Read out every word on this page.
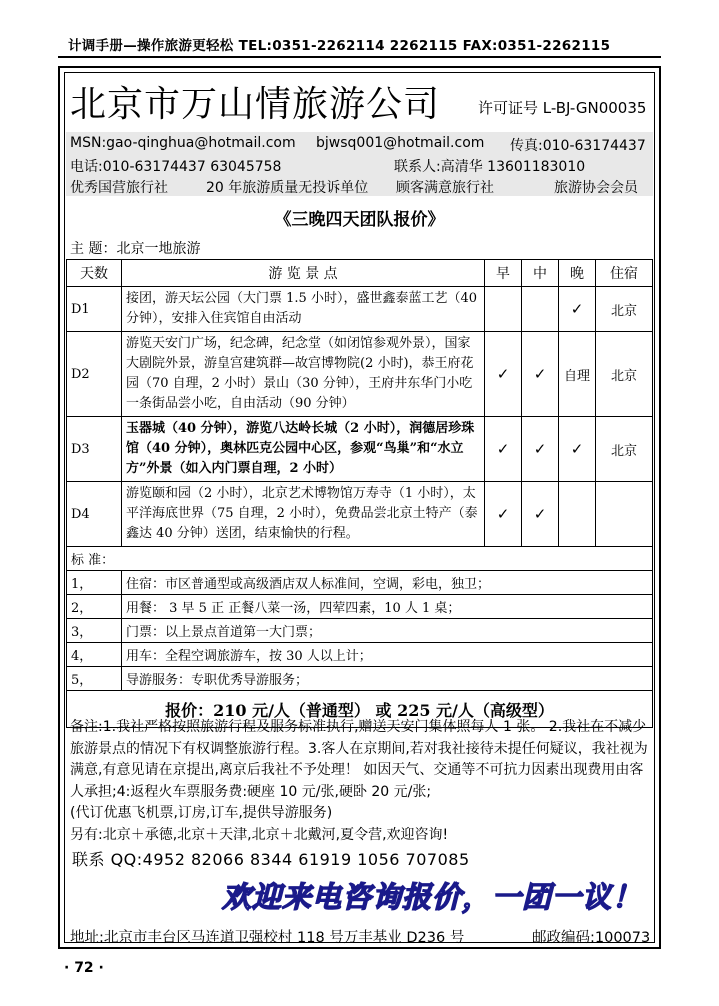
计调手册—操作旅游更轻松 TEL:0351-2262114 2262115 FAX:0351-2262115
北京市万山情旅游公司	许可证号 L-BJ-GN00035
MSN:gao-qinghua@hotmail.com bjwsq001@hotmail.com 传真:010-63174437
电话:010-63174437 63045758	联系人:高清华 13601183010
优秀国营旅行社	20 年旅游质量无投诉单位 顾客满意旅行社	旅游协会会员
《三晚四天团队报价》
主 题：北京一地旅游
天数	游 览 景 点	早	中	晚	住宿
D1	接团，游天坛公园（大门票 1.5 小时），盛世鑫泰蓝工艺（40 分钟），安排入住宾馆自由活动			✓	北京
D2	游览天安门广场，纪念碑，纪念堂（如闭馆参观外景），国家大剧院外景，游皇宫建筑群—故宫博物院(2 小时)，恭王府花园（70 自理，2 小时）景山（30 分钟），王府井东华门小吃一条街品尝小吃，自由活动（90 分钟）	✓	✓	自理	北京
D3	玉器城（40 分钟），游览八达岭长城（2 小时），润德居珍珠馆（40 分钟），奥林匹克公园中心区，参观“鸟巢”和“水立方”外景（如入内门票自理，2 小时）	✓	✓	✓	北京
D4	游览颐和园（2 小时），北京艺术博物馆万寿寺（1 小时），太平洋海底世界（75 自理，2 小时），免费品尝北京土特产（泰鑫达 40 分钟）送团，结束愉快的行程。	✓	✓		
标 准：					
1，	住宿：市区普通型或高级酒店双人标准间，空调，彩电，独卫；				
2，	用餐： 3 早 5 正 正餐八菜一汤，四荤四素，10 人 1 桌；				
3，	门票：以上景点首道第一大门票；				
4，	用车：全程空调旅游车，按 30 人以上计；				
5，	导游服务：专职优秀导游服务；				
报价：210 元/人（普通型） 或 225 元/人（高级型）					
备注:1.我社严格按照旅游行程及服务标准执行,赠送天安门集体照每人 1 张。 2.我社在不减少旅游景点的情况下有权调整旅游行程。3.客人在京期间,若对我社接待未提任何疑议，我社视为满意,有意见请在京提出,离京后我社不予处理！ 如因天气、交通等不可抗力因素出现费用由客人承担;4:返程火车票服务费:硬座 10 元/张,硬卧 20 元/张;
(代订优惠飞机票,订房,订车,提供导游服务)
另有:北京＋承德,北京＋天津,北京＋北戴河,夏令营,欢迎咨询!
联系 QQ:4952 82066 8344 61919 1056 707085
欢迎来电咨询报价，一团一议！
地址:北京市丰台区马连道卫强校村 118 号万丰基业 D236 号	邮政编码:100073
· 72 ·
